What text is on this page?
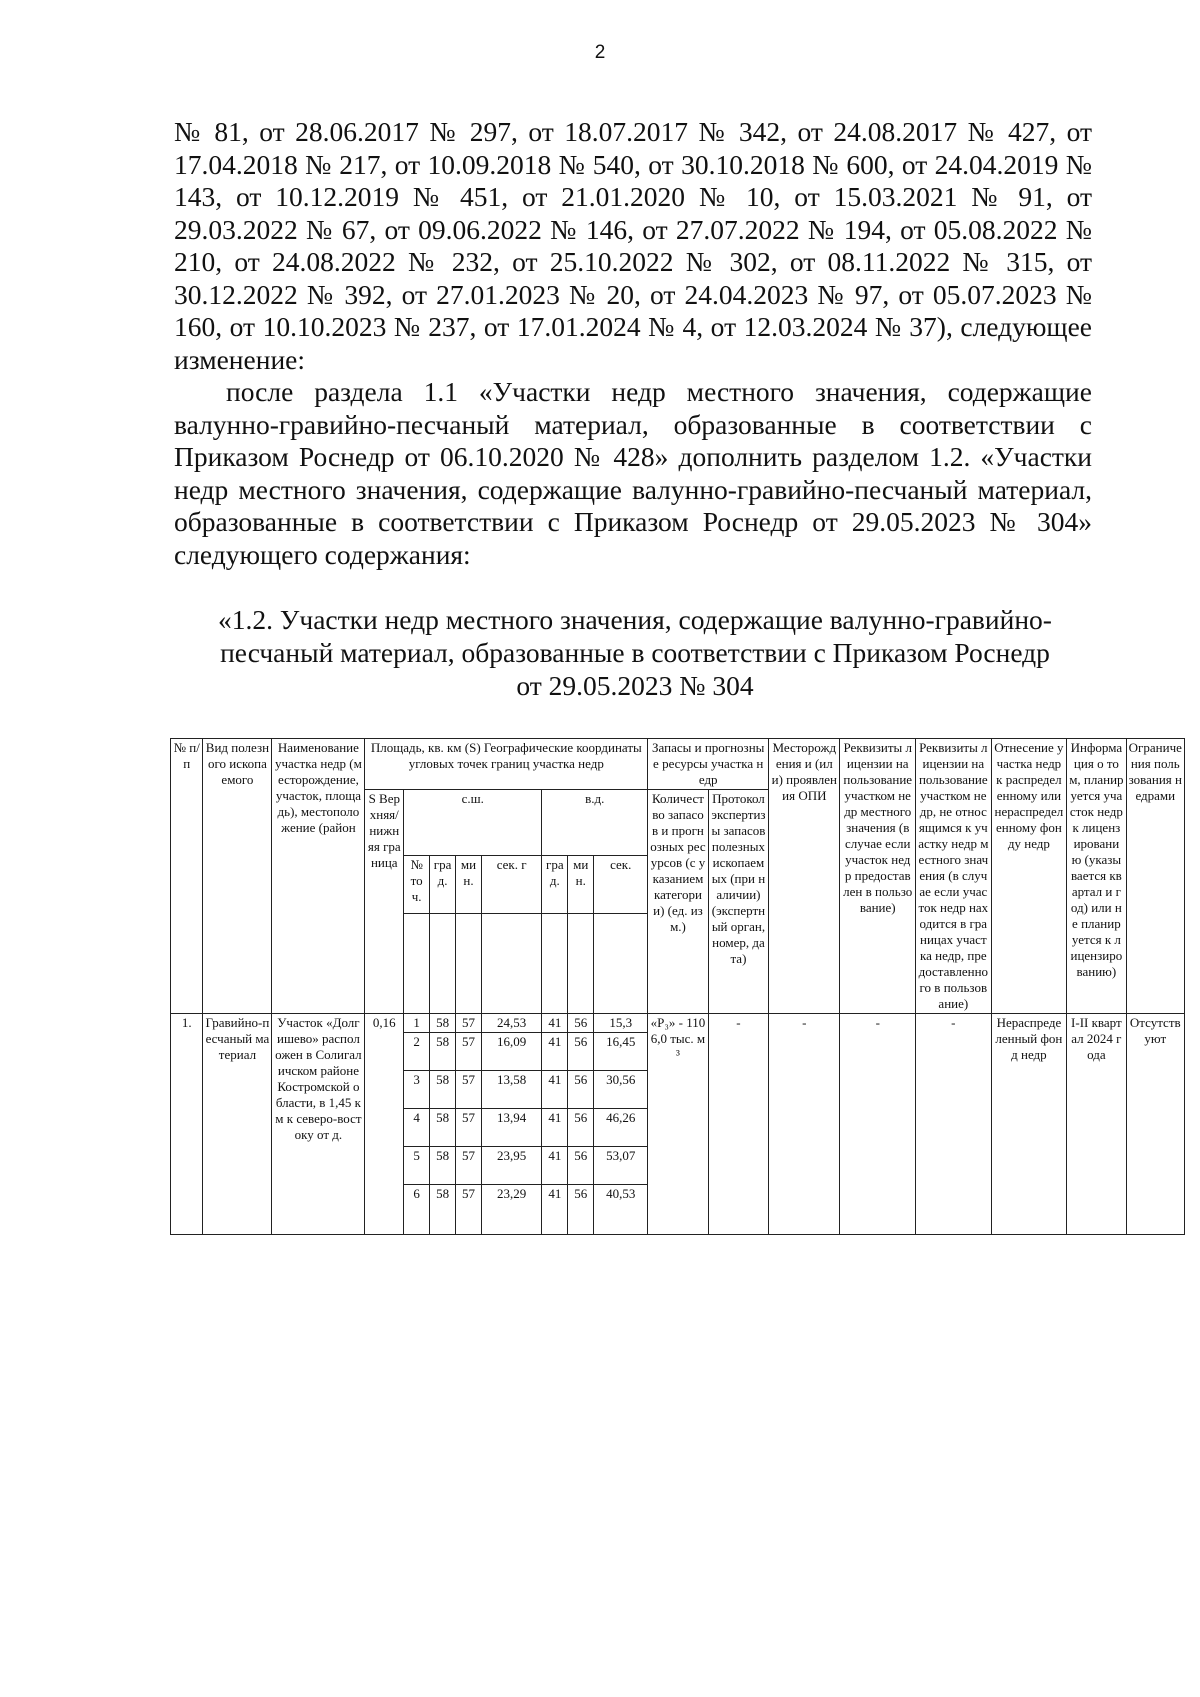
2

№ 81, от 28.06.2017 № 297, от 18.07.2017 № 342, от 24.08.2017 № 427, от 17.04.2018 № 217, от 10.09.2018 № 540, от 30.10.2018 № 600, от 24.04.2019 № 143, от 10.12.2019 № 451, от 21.01.2020 № 10, от 15.03.2021 № 91, от 29.03.2022 № 67, от 09.06.2022 № 146, от 27.07.2022 № 194, от 05.08.2022 № 210, от 24.08.2022 № 232, от 25.10.2022 № 302, от 08.11.2022 № 315, от 30.12.2022 № 392, от 27.01.2023 № 20, от 24.04.2023 № 97, от 05.07.2023 № 160, от 10.10.2023 № 237, от 17.01.2024 № 4, от 12.03.2024 № 37), следующее изменение:

после раздела 1.1 «Участки недр местного значения, содержащие валунно-гравийно-песчаный материал, образованные в соответствии с Приказом Роснедр от 06.10.2020 № 428» дополнить разделом 1.2. «Участки недр местного значения, содержащие валунно-гравийно-песчаный материал, образованные в соответствии с Приказом Роснедр от 29.05.2023 № 304» следующего содержания:

«1.2. Участки недр местного значения, содержащие валунно-гравийно-
песчаный материал, образованные в соответствии с Приказом Роснедр
от 29.05.2023 № 304
№ п/п	Вид полезного ископаемого	Наименование участка недр (месторождение, участок, площадь), местоположение (район	Площадь, кв. км (S) Географические координаты угловых точек границ участка недр								Запасы и прогнозные ресурсы участка недр		Месторождения и (или) проявления ОПИ	Реквизиты лицензии на пользование участком недр местного значения (в случае если участок недр предоставлен в пользование)	Реквизиты лицензии на пользование участком недр, не относящимся к участку недр местного значения (в случае если участок недр находится в границах участка недр, предоставленного в пользование)	Отнесение участка недр к распределенному или нераспределенному фонду недр	Информация о том, планируется участок недр к лицензированию (указывается квартал и год) или не планируется к лицензированию)	Ограничения пользования недрами
			S Верхняя/нижняя граница	с.ш.				в.д.			Количество запасов и прогнозных ресурсов (с указанием категории) (ед. изм.)	Протокол экспертизы запасов полезных ископаемых (при наличии) (экспертный орган, номер, дата)						
				№ точ.	град.	мин.	сек. г	град.	мин.	сек.								

1.	Гравийно-песчаный материал	Участок «Долгишево» расположен в Солигаличском районе Костромской области, в 1,45 км к северо-востоку от д.	0,16	1	58	57	24,53	41	56	15,3	«Р₃» - 1106,0 тыс. м³	-	-	-	-	Нераспределенный фонд недр	I-II квартал 2024 года	Отсутствуют
				2	58	57	16,09	41	56	16,45								
				3	58	57	13,58	41	56	30,56								
				4	58	57	13,94	41	56	46,26								
				5	58	57	23,95	41	56	53,07								
				6	58	57	23,29	41	56	40,53								
